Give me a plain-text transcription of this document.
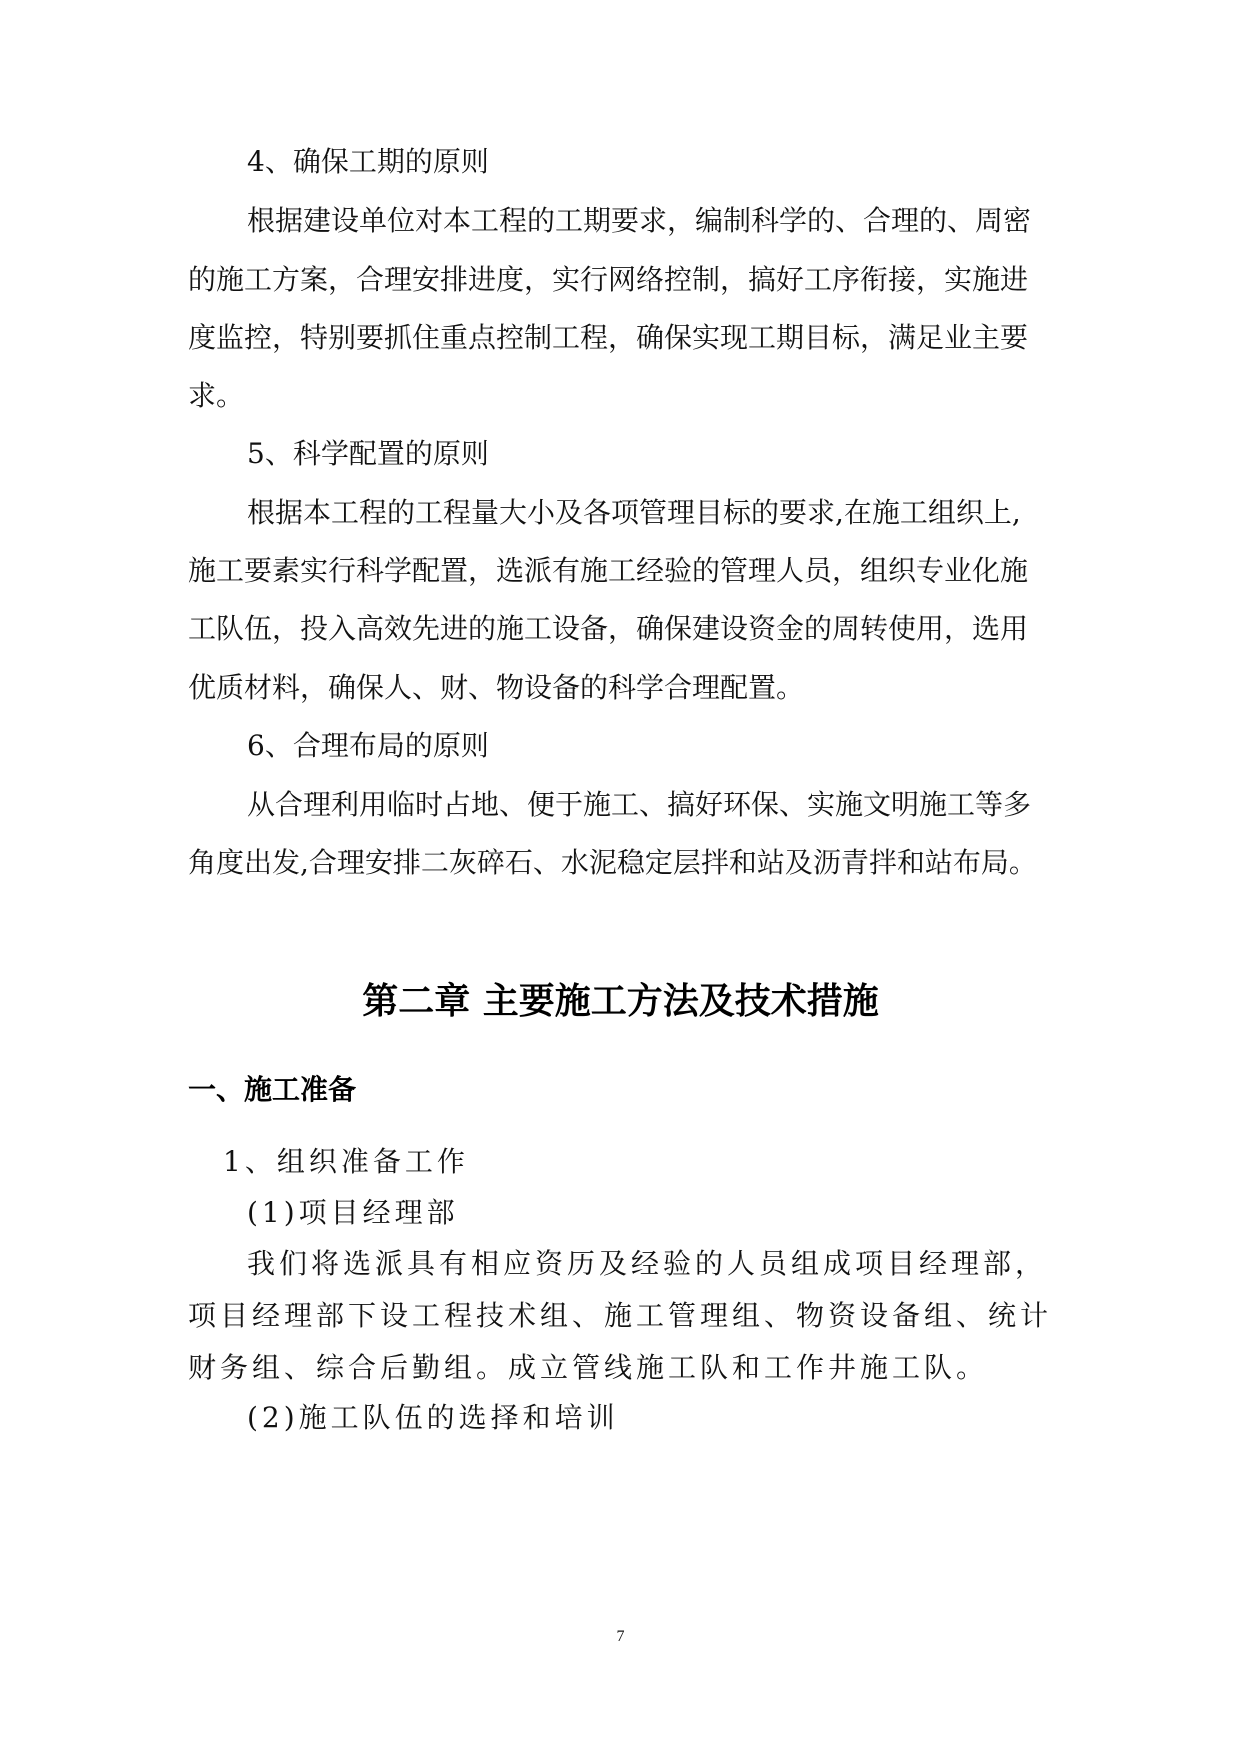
4、确保工期的原则
根据建设单位对本工程的工期要求，编制科学的、合理的、周密
的施工方案，合理安排进度，实行网络控制，搞好工序衔接，实施进
度监控，特别要抓住重点控制工程，确保实现工期目标，满足业主要
求。
5、科学配置的原则
根据本工程的工程量大小及各项管理目标的要求,在施工组织上,
施工要素实行科学配置，选派有施工经验的管理人员，组织专业化施
工队伍，投入高效先进的施工设备，确保建设资金的周转使用，选用
优质材料，确保人、财、物设备的科学合理配置。
6、合理布局的原则
从合理利用临时占地、便于施工、搞好环保、实施文明施工等多
角度出发,合理安排二灰碎石、水泥稳定层拌和站及沥青拌和站布局。
第二章 主要施工方法及技术措施
一、施工准备
1、组织准备工作
(1)项目经理部
我们将选派具有相应资历及经验的人员组成项目经理部，
项目经理部下设工程技术组、施工管理组、物资设备组、统计
财务组、综合后勤组。成立管线施工队和工作井施工队。
(2)施工队伍的选择和培训
7
